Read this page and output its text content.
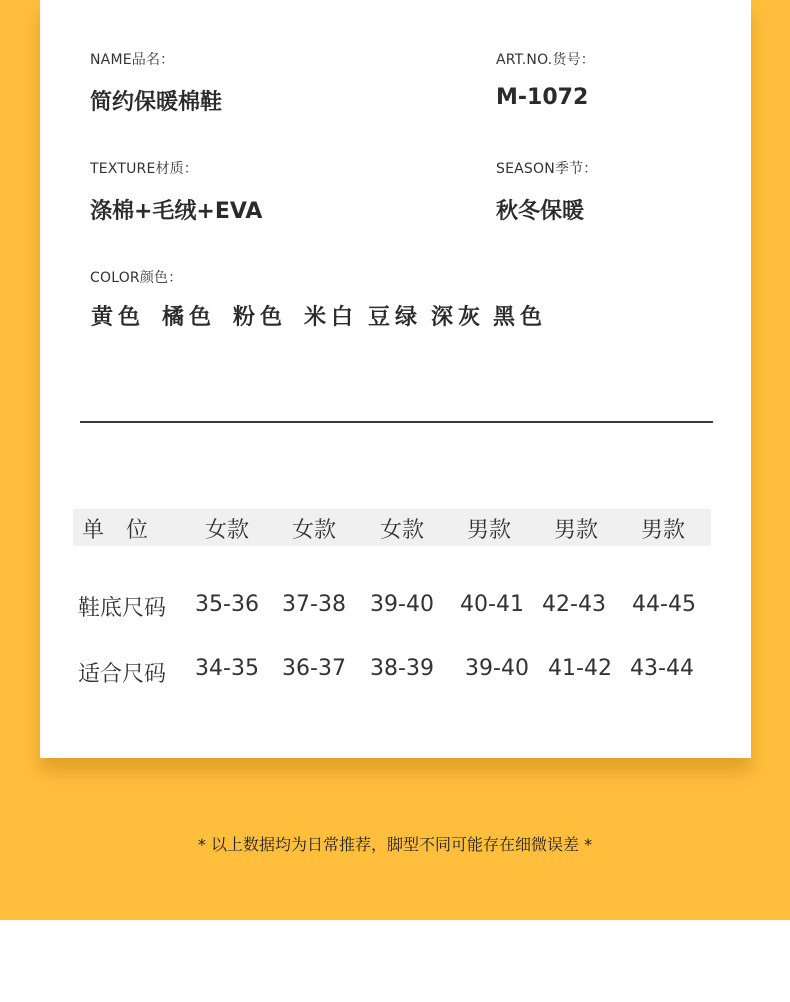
NAME品名：
简约保暖棉鞋
ART.NO.货号：
M-1072
TEXTURE材质：
涤棉+毛绒+EVA
SEASON季节：
秋冬保暖
COLOR颜色：
黄色 橘色 粉色 米白 豆绿 深灰 黑色
单　位	女款	女款	女款	男款	男款	男款
鞋底尺码	35-36	37-38	39-40	40-41 42-43	44-45
适合尺码	34-35	36-37	38-39	39-40 41-42 43-44
* 以上数据均为日常推荐，脚型不同可能存在细微误差 *
